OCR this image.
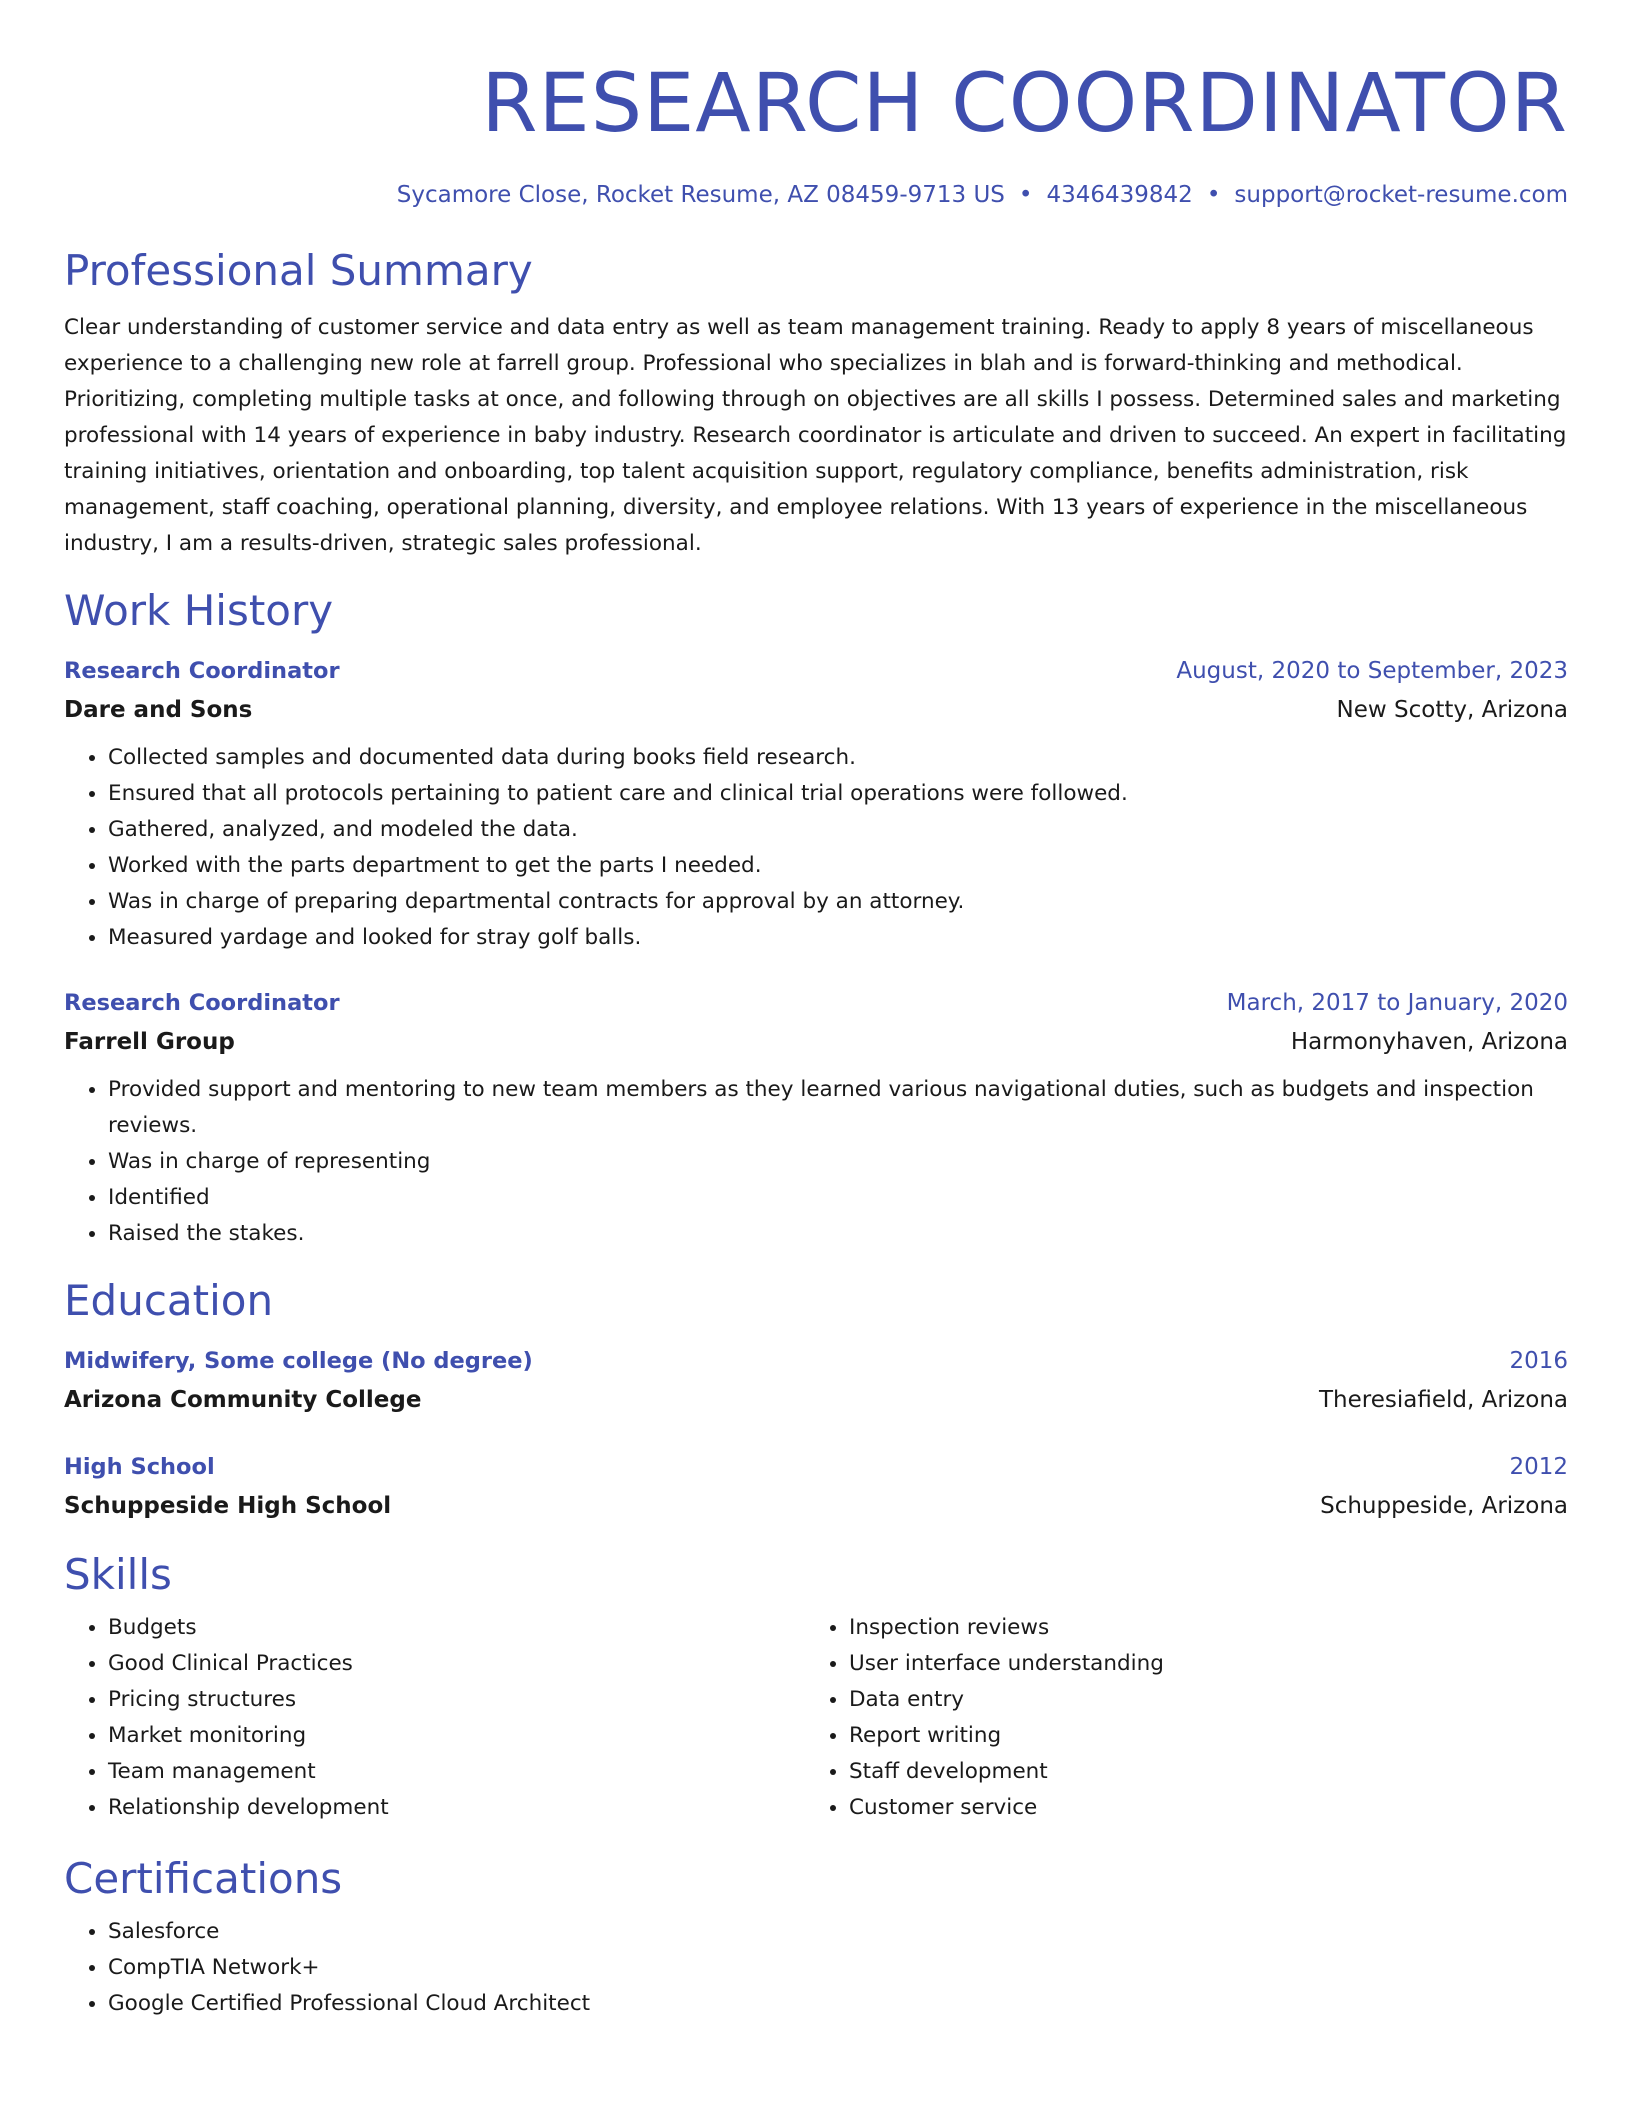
RESEARCH COORDINATOR
Sycamore Close, Rocket Resume, AZ 08459-9713 US • 4346439842 • support@rocket-resume.com
Professional Summary
Clear understanding of customer service and data entry as well as team management training. Ready to apply 8 years of miscellaneous experience to a challenging new role at farrell group. Professional who specializes in blah and is forward-thinking and methodical. Prioritizing, completing multiple tasks at once, and following through on objectives are all skills I possess. Determined sales and marketing professional with 14 years of experience in baby industry. Research coordinator is articulate and driven to succeed. An expert in facilitating training initiatives, orientation and onboarding, top talent acquisition support, regulatory compliance, benefits administration, risk management, staff coaching, operational planning, diversity, and employee relations. With 13 years of experience in the miscellaneous industry, I am a results-driven, strategic sales professional.
Work History
Research Coordinator	August, 2020 to September, 2023
Dare and Sons	New Scotty, Arizona
• Collected samples and documented data during books field research.
• Ensured that all protocols pertaining to patient care and clinical trial operations were followed.
• Gathered, analyzed, and modeled the data.
• Worked with the parts department to get the parts I needed.
• Was in charge of preparing departmental contracts for approval by an attorney.
• Measured yardage and looked for stray golf balls.
Research Coordinator	March, 2017 to January, 2020
Farrell Group	Harmonyhaven, Arizona
• Provided support and mentoring to new team members as they learned various navigational duties, such as budgets and inspection reviews.
• Was in charge of representing
• Identified
• Raised the stakes.
Education
Midwifery, Some college (No degree)	2016
Arizona Community College	Theresiafield, Arizona
High School	2012
Schuppeside High School	Schuppeside, Arizona
Skills
• Budgets
• Good Clinical Practices
• Pricing structures
• Market monitoring
• Team management
• Relationship development
• Inspection reviews
• User interface understanding
• Data entry
• Report writing
• Staff development
• Customer service
Certifications
• Salesforce
• CompTIA Network+
• Google Certified Professional Cloud Architect
